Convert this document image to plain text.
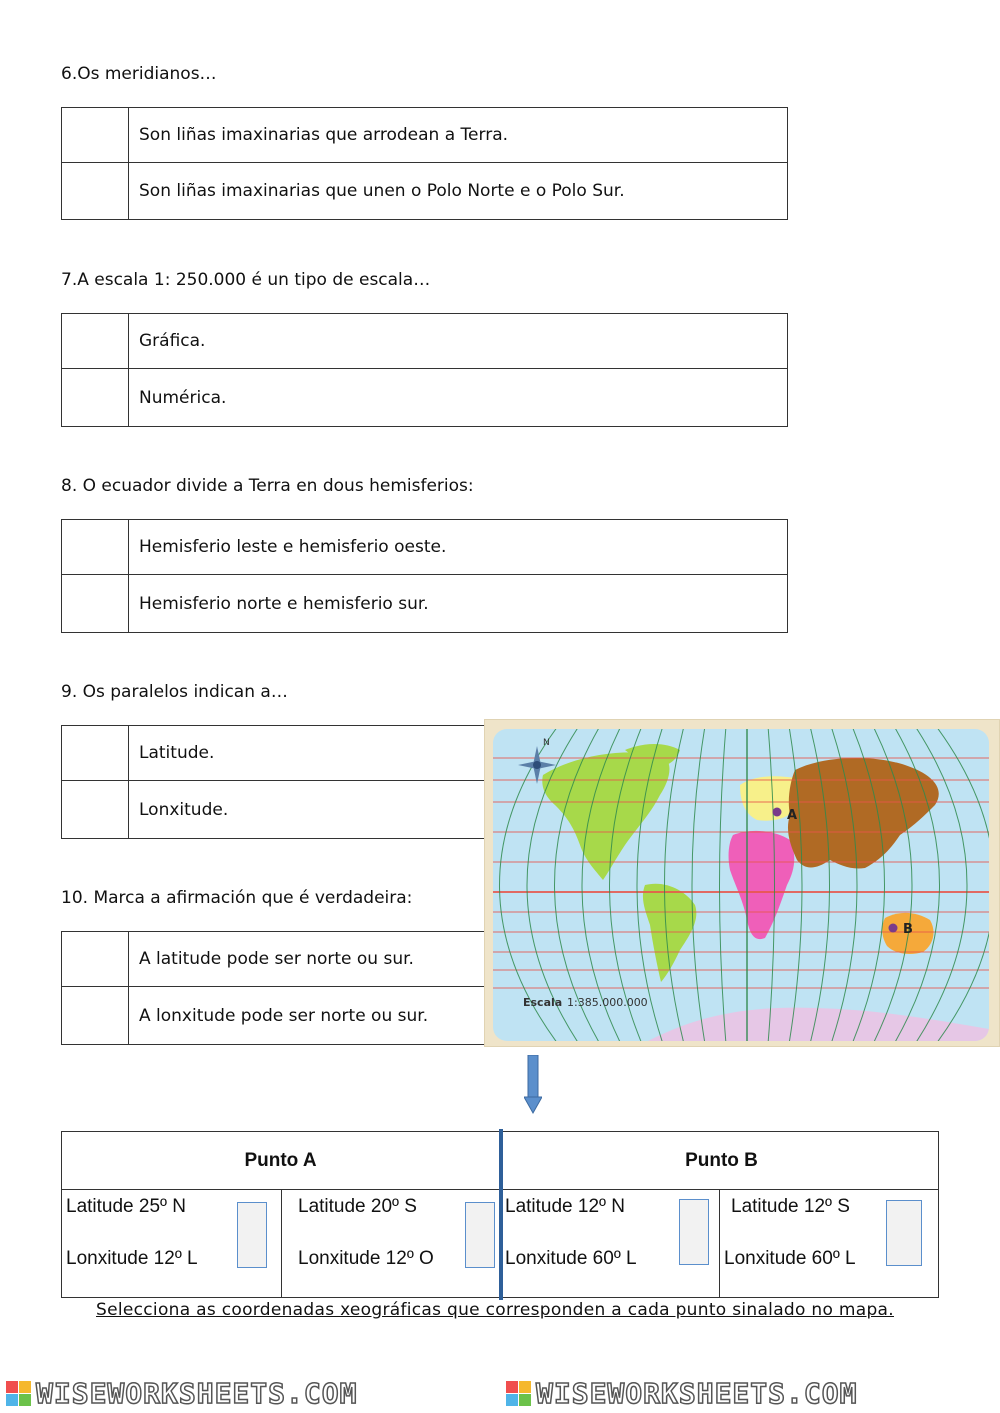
6.Os meridianos…
Son liñas imaxinarias que arrodean a Terra.
Son liñas imaxinarias que unen o Polo Norte e o Polo Sur.
7.A escala 1: 250.000 é un tipo de escala…
Gráfica.
Numérica.
8. O ecuador divide a Terra en dous hemisferios:
Hemisferio leste e hemisferio oeste.
Hemisferio norte e hemisferio sur.
9. Os paralelos indican a…
Latitude.
Lonxitude.
10. Marca a afirmación que é verdadeira:
A latitude pode ser norte ou sur.
A lonxitude pode ser norte ou sur.
N
A
B
Escala 1:385.000.000
Punto A	Punto B
Latitude 25º N
Lonxitude 12º L
Latitude 20º S
Lonxitude 12º O
Latitude 12º N
Lonxitude 60º L
Latitude 12º S
Lonxitude 60º L
Selecciona as coordenadas xeográficas que corresponden a cada punto sinalado no mapa.
WISEWORKSHEETS.COM	WISEWORKSHEETS.COM
